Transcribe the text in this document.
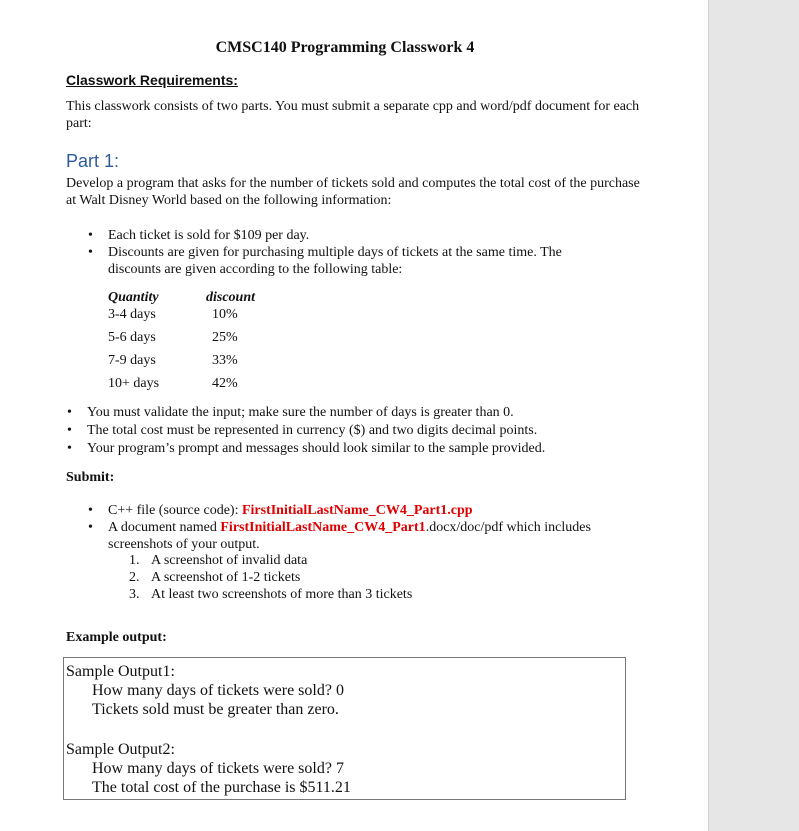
CMSC140 Programming Classwork 4
Classwork Requirements:
This classwork consists of two parts. You must submit a separate cpp and word/pdf document for each part:
Part 1:
Develop a program that asks for the number of tickets sold and computes the total cost of the purchase at Walt Disney World based on the following information:
• Each ticket is sold for $109 per day.
• Discounts are given for purchasing multiple days of tickets at the same time. The discounts are given according to the following table:
Quantity	discount
3-4 days	10%
5-6 days	25%
7-9 days	33%
10+ days	42%
• You must validate the input; make sure the number of days is greater than 0.
• The total cost must be represented in currency ($) and two digits decimal points.
• Your program’s prompt and messages should look similar to the sample provided.
Submit:
• C++ file (source code): FirstInitialLastName_CW4_Part1.cpp
• A document named FirstInitialLastName_CW4_Part1.docx/doc/pdf which includes screenshots of your output.
1. A screenshot of invalid data
2. A screenshot of 1-2 tickets
3. At least two screenshots of more than 3 tickets
Example output:
Sample Output1:
How many days of tickets were sold? 0
Tickets sold must be greater than zero.
Sample Output2:
How many days of tickets were sold? 7
The total cost of the purchase is $511.21
